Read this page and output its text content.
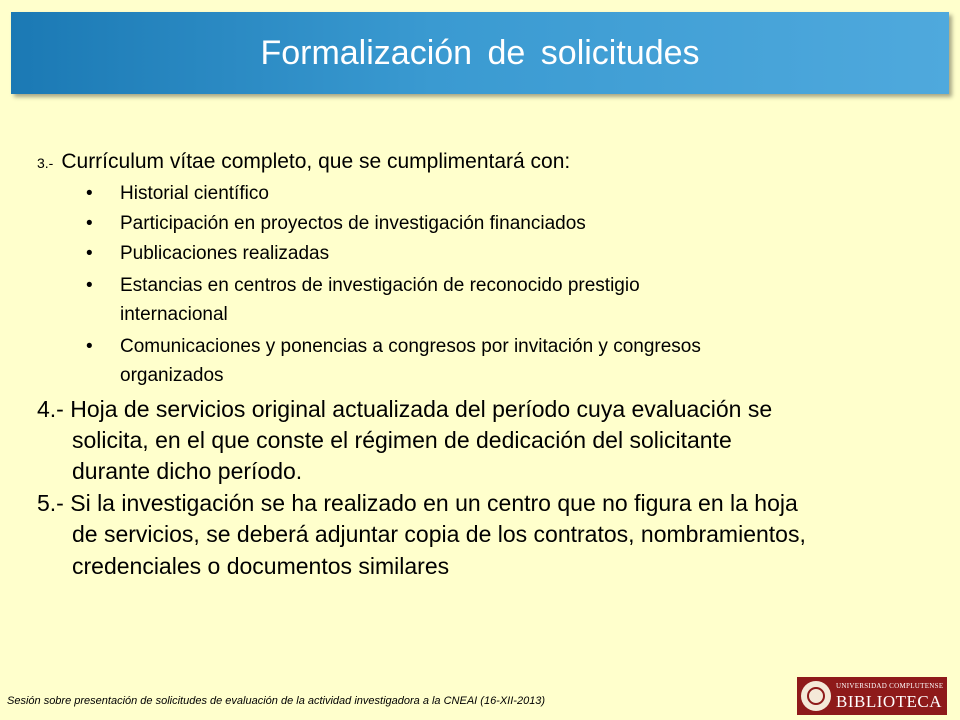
Formalización de solicitudes
3.- Currículum vítae completo, que se cumplimentará con:
• Historial científico
• Participación en proyectos de investigación financiados
• Publicaciones realizadas
• Estancias en centros de investigación de reconocido prestigio
internacional
• Comunicaciones y ponencias a congresos por invitación y congresos
organizados
4.- Hoja de servicios original actualizada del período cuya evaluación se
solicita, en el que conste el régimen de dedicación del solicitante
durante dicho período.
5.- Si la investigación se ha realizado en un centro que no figura en la hoja
de servicios, se deberá adjuntar copia de los contratos, nombramientos,
credenciales o documentos similares
Sesión sobre presentación de solicitudes de evaluación de la actividad investigadora a la CNEAI (16-XII-2013)
UNIVERSIDAD COMPLUTENSE
BIBLIOTECA
